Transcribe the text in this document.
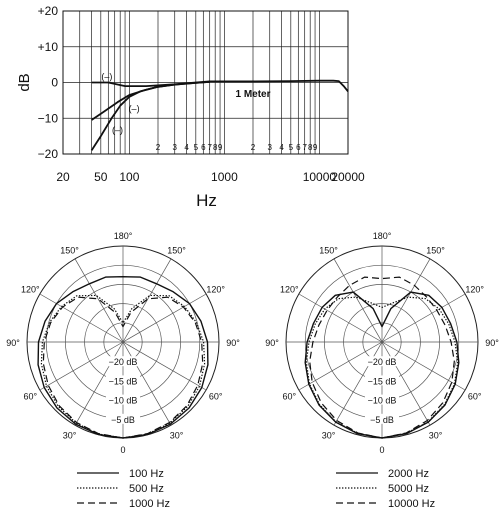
+20
+10
0
−10
−20
dB
2 3 4 5 6 7 8 9	2 3 4 5 6 7 8 9
20 50 100	1000	10000
20000
Hz
1 Meter
(–)
(–)
(–)
−20 dB
−15 dB
−10 dB
−5 dB
180°
150°
150°
120°
120°
90°
90°
60°
60°
30°
30°
0
−20 dB
−15 dB
−10 dB
−5 dB
180°
150°
150°
120°
120°
90°
90°
60°
60°
30°
30°
0
100 Hz
500 Hz
1000 Hz
2000 Hz
5000 Hz
10000 Hz
